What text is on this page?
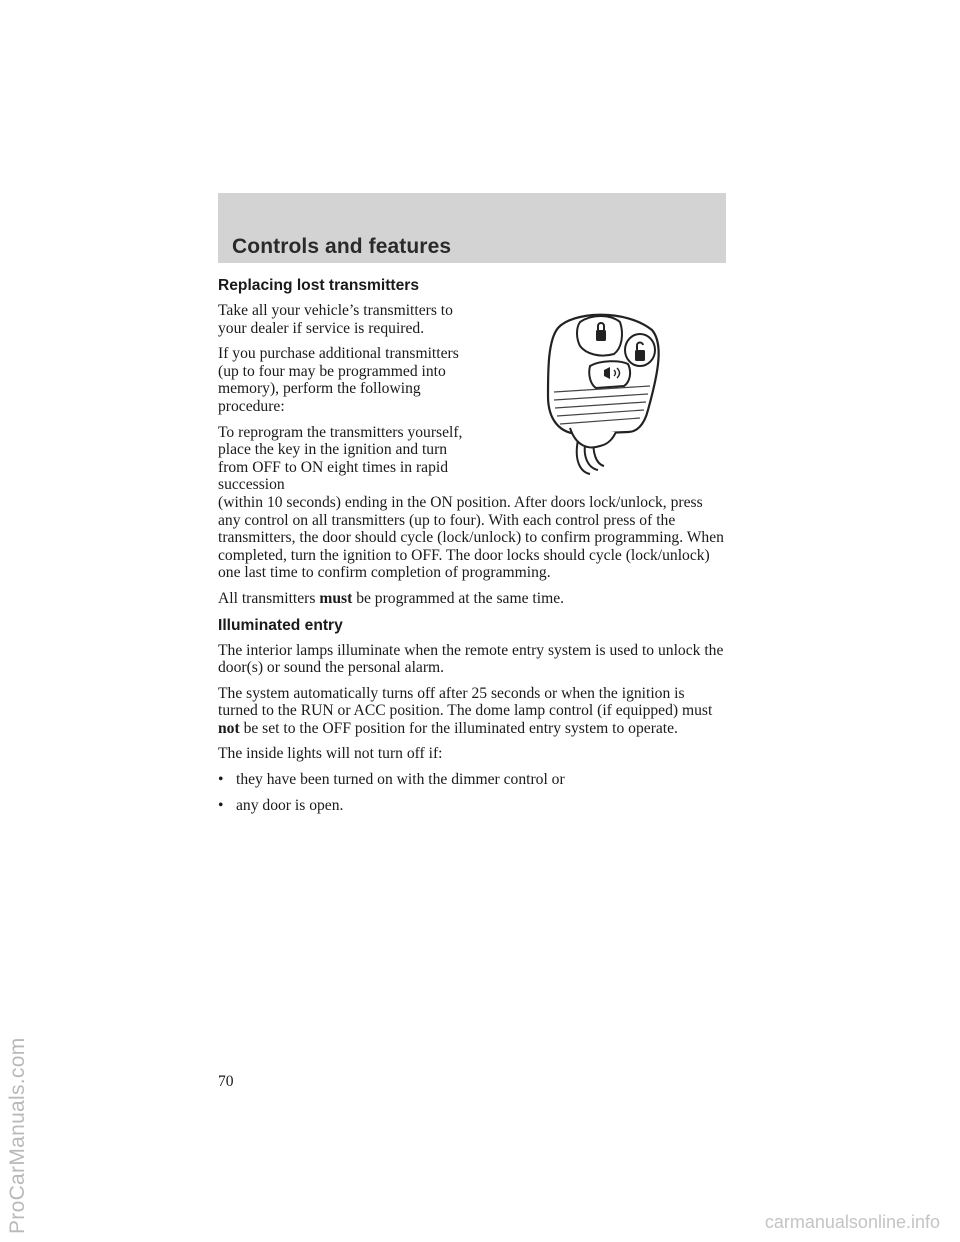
Controls and features
Replacing lost transmitters

Take all your vehicle’s transmitters to your dealer if service is required.

If you purchase additional transmitters (up to four may be programmed into memory), perform the following procedure:

To reprogram the transmitters yourself, place the key in the ignition and turn from OFF to ON eight times in rapid succession

(within 10 seconds) ending in the ON position. After doors lock/unlock, press any control on all transmitters (up to four). With each control press of the transmitters, the door should cycle (lock/unlock) to confirm programming. When completed, turn the ignition to OFF. The door locks should cycle (lock/unlock) one last time to confirm completion of programming.

All transmitters must be programmed at the same time.

Illuminated entry

The interior lamps illuminate when the remote entry system is used to unlock the door(s) or sound the personal alarm.

The system automatically turns off after 25 seconds or when the ignition is turned to the RUN or ACC position. The dome lamp control (if equipped) must not be set to the OFF position for the illuminated entry system to operate.

The inside lights will not turn off if:

• they have been turned on with the dimmer control or
• any door is open.
70
ProCarManuals.com	carmanualsonline.info
